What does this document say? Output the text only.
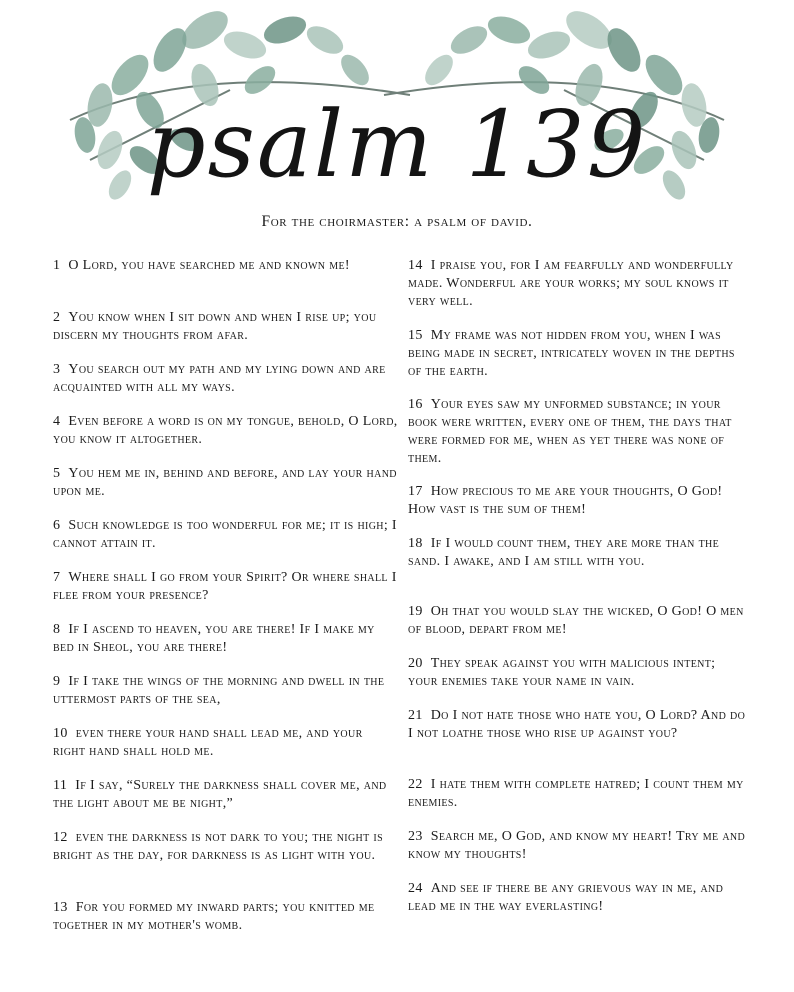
psalm 139
For the choirmaster: a psalm of david.

1 O Lord, you have searched me and known me!

2 You know when I sit down and when I rise up; you discern my thoughts from afar.

3 You search out my path and my lying down and are acquainted with all my ways.

4 Even before a word is on my tongue, behold, O Lord, you know it altogether.

5 You hem me in, behind and before, and lay your hand upon me.

6 Such knowledge is too wonderful for me; it is high; I cannot attain it.

7 Where shall I go from your Spirit? Or where shall I flee from your presence?

8 If I ascend to heaven, you are there! If I make my bed in Sheol, you are there!

9 If I take the wings of the morning and dwell in the uttermost parts of the sea,

10 even there your hand shall lead me, and your right hand shall hold me.

11 If I say, “Surely the darkness shall cover me, and the light about me be night,”

12 even the darkness is not dark to you; the night is bright as the day, for darkness is as light with you.

13 For you formed my inward parts; you knitted me together in my mother's womb.

14 I praise you, for I am fearfully and wonderfully made. Wonderful are your works; my soul knows it very well.

15 My frame was not hidden from you, when I was being made in secret, intricately woven in the depths of the earth.

16 Your eyes saw my unformed substance; in your book were written, every one of them, the days that were formed for me, when as yet there was none of them.

17 How precious to me are your thoughts, O God! How vast is the sum of them!

18 If I would count them, they are more than the sand. I awake, and I am still with you.

19 Oh that you would slay the wicked, O God! O men of blood, depart from me!

20 They speak against you with malicious intent; your enemies take your name in vain.

21 Do I not hate those who hate you, O Lord? And do I not loathe those who rise up against you?

22 I hate them with complete hatred; I count them my enemies.

23 Search me, O God, and know my heart! Try me and know my thoughts!

24 And see if there be any grievous way in me, and lead me in the way everlasting!
